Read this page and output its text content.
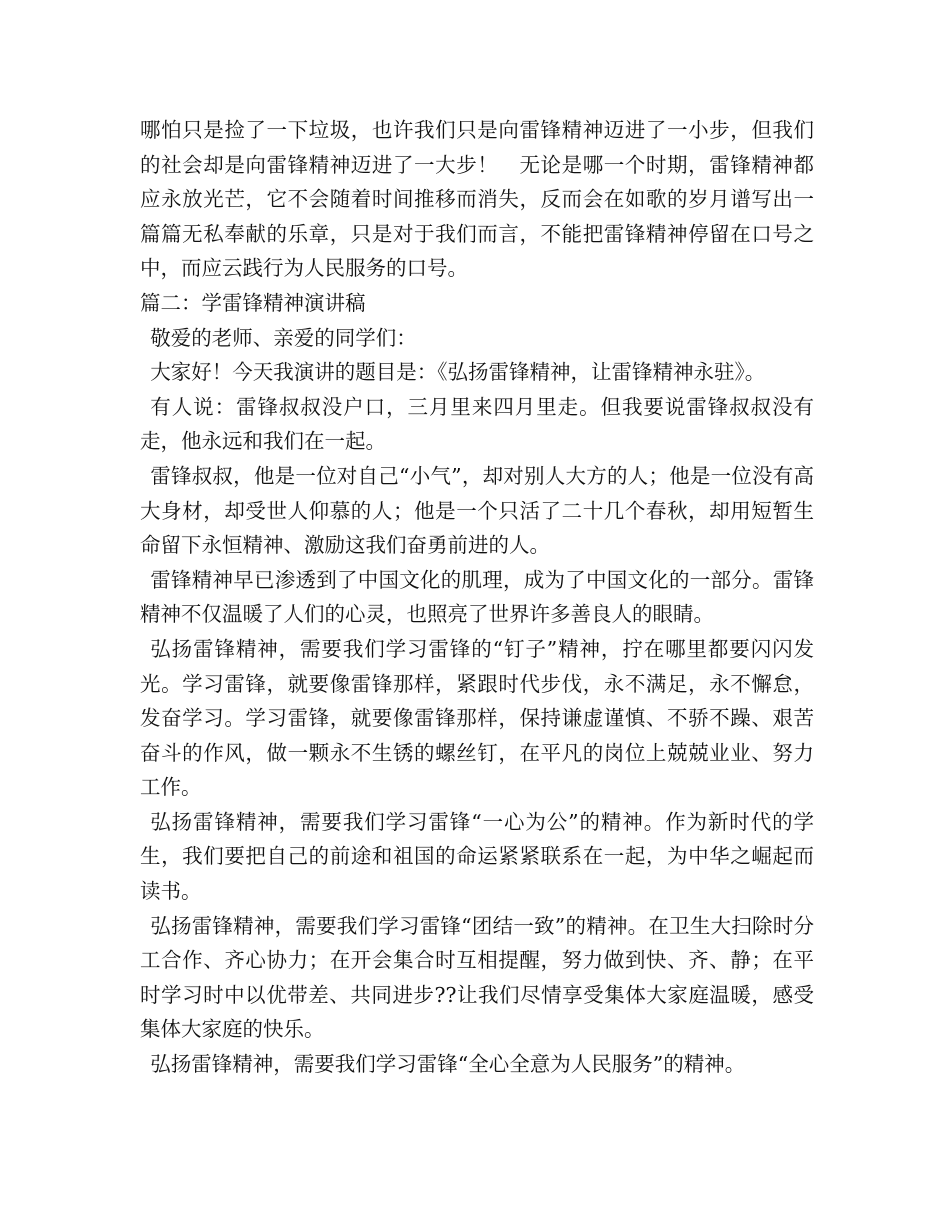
哪怕只是捡了一下垃圾，也许我们只是向雷锋精神迈进了一小步，但我们的社会却是向雷锋精神迈进了一大步！　无论是哪一个时期，雷锋精神都应永放光芒，它不会随着时间推移而消失，反而会在如歌的岁月谱写出一篇篇无私奉献的乐章，只是对于我们而言，不能把雷锋精神停留在口号之中，而应云践行为人民服务的口号。

篇二：学雷锋精神演讲稿

敬爱的老师、亲爱的同学们：

大家好！今天我演讲的题目是：《弘扬雷锋精神，让雷锋精神永驻》。

有人说：雷锋叔叔没户口，三月里来四月里走。但我要说雷锋叔叔没有走，他永远和我们在一起。

雷锋叔叔，他是一位对自己“小气”，却对别人大方的人；他是一位没有高大身材，却受世人仰慕的人；他是一个只活了二十几个春秋，却用短暂生命留下永恒精神、激励这我们奋勇前进的人。

雷锋精神早已渗透到了中国文化的肌理，成为了中国文化的一部分。雷锋精神不仅温暖了人们的心灵，也照亮了世界许多善良人的眼睛。

弘扬雷锋精神，需要我们学习雷锋的“钉子”精神，拧在哪里都要闪闪发光。学习雷锋，就要像雷锋那样，紧跟时代步伐，永不满足，永不懈怠，发奋学习。学习雷锋，就要像雷锋那样，保持谦虚谨慎、不骄不躁、艰苦奋斗的作风，做一颗永不生锈的螺丝钉，在平凡的岗位上兢兢业业、努力工作。

弘扬雷锋精神，需要我们学习雷锋“一心为公”的精神。作为新时代的学生，我们要把自己的前途和祖国的命运紧紧联系在一起，为中华之崛起而读书。

弘扬雷锋精神，需要我们学习雷锋“团结一致”的精神。在卫生大扫除时分工合作、齐心协力；在开会集合时互相提醒，努力做到快、齐、静；在平时学习时中以优带差、共同进步??让我们尽情享受集体大家庭温暖，感受集体大家庭的快乐。

弘扬雷锋精神，需要我们学习雷锋“全心全意为人民服务”的精神。
